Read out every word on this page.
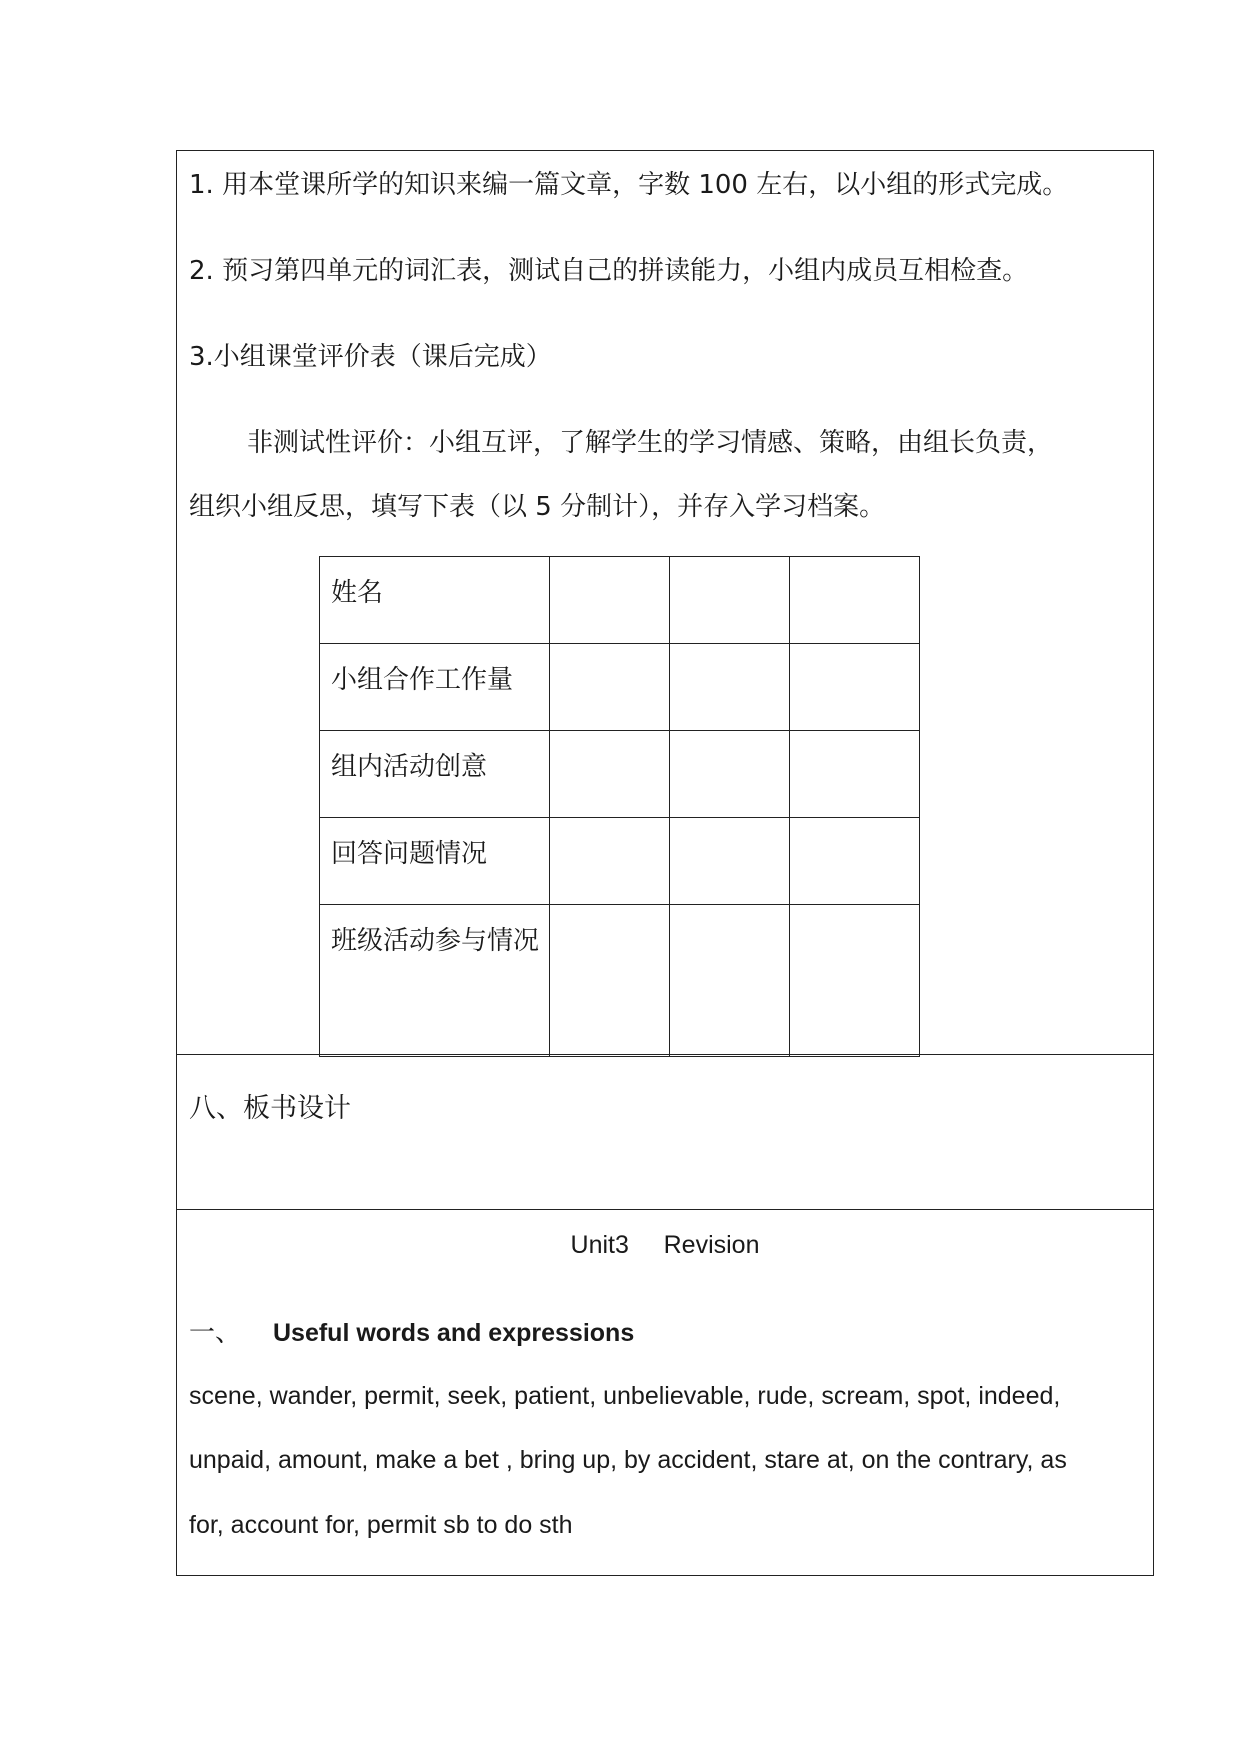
1. 用本堂课所学的知识来编一篇文章，字数 100 左右，以小组的形式完成。
2. 预习第四单元的词汇表，测试自己的拼读能力，小组内成员互相检查。
3.小组课堂评价表（课后完成）
非测试性评价：小组互评，了解学生的学习情感、策略，由组长负责，
组织小组反思，填写下表（以 5 分制计），并存入学习档案。
姓名			
小组合作工作量			
组内活动创意			
回答问题情况			
班级活动参与情况			
八、板书设计
Unit3     Revision
一、 Useful words and expressions
scene, wander, permit, seek, patient, unbelievable, rude, scream, spot, indeed,
unpaid, amount, make a bet , bring up, by accident, stare at, on the contrary, as
for, account for, permit sb to do sth
